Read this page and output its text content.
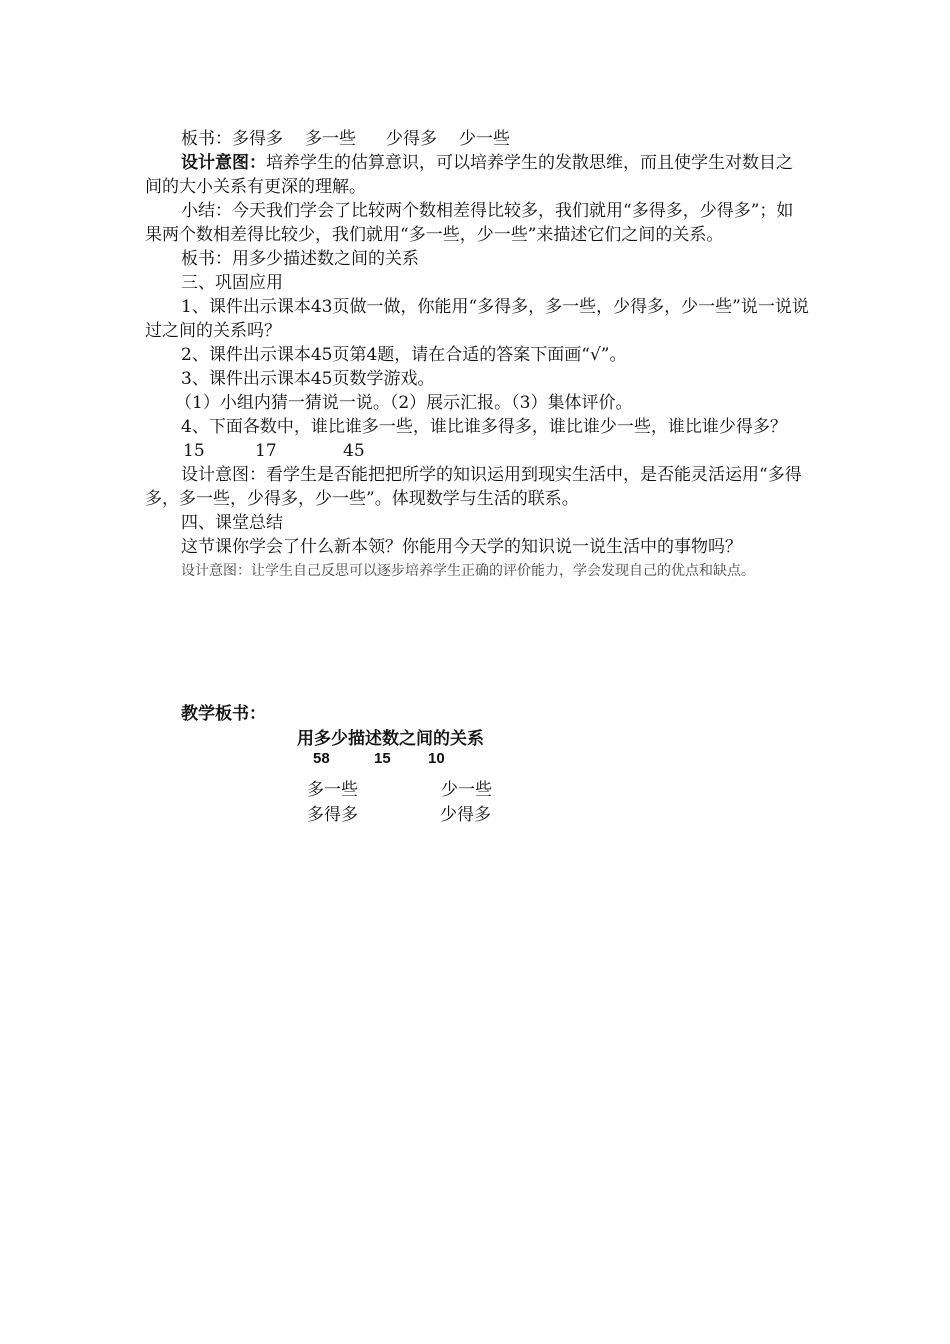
板书：多得多 多一些 少得多 少一些

设计意图：培养学生的估算意识，可以培养学生的发散思维，而且使学生对数目之间的大小关系有更深的理解。

小结：今天我们学会了比较两个数相差得比较多，我们就用“多得多，少得多”；如果两个数相差得比较少，我们就用“多一些，少一些”来描述它们之间的关系。

板书：用多少描述数之间的关系

三、巩固应用

1、课件出示课本43页做一做，你能用“多得多，多一些，少得多，少一些”说一说说过之间的关系吗？

2、课件出示课本45页第4题，请在合适的答案下面画“√”。

3、课件出示课本45页数学游戏。

（1）小组内猜一猜说一说。（2）展示汇报。（3）集体评价。

4、下面各数中，谁比谁多一些，谁比谁多得多，谁比谁少一些，谁比谁少得多？

15	17	45

设计意图：看学生是否能把把所学的知识运用到现实生活中，是否能灵活运用“多得多，多一些，少得多，少一些”。体现数学与生活的联系。

四、课堂总结

这节课你学会了什么新本领？你能用今天学的知识说一说生活中的事物吗？

设计意图：让学生自己反思可以逐步培养学生正确的评价能力，学会发现自己的优点和缺点。

教学板书：
用多少描述数之间的关系
58	15 10
多一些	少一些
多得多	少得多
